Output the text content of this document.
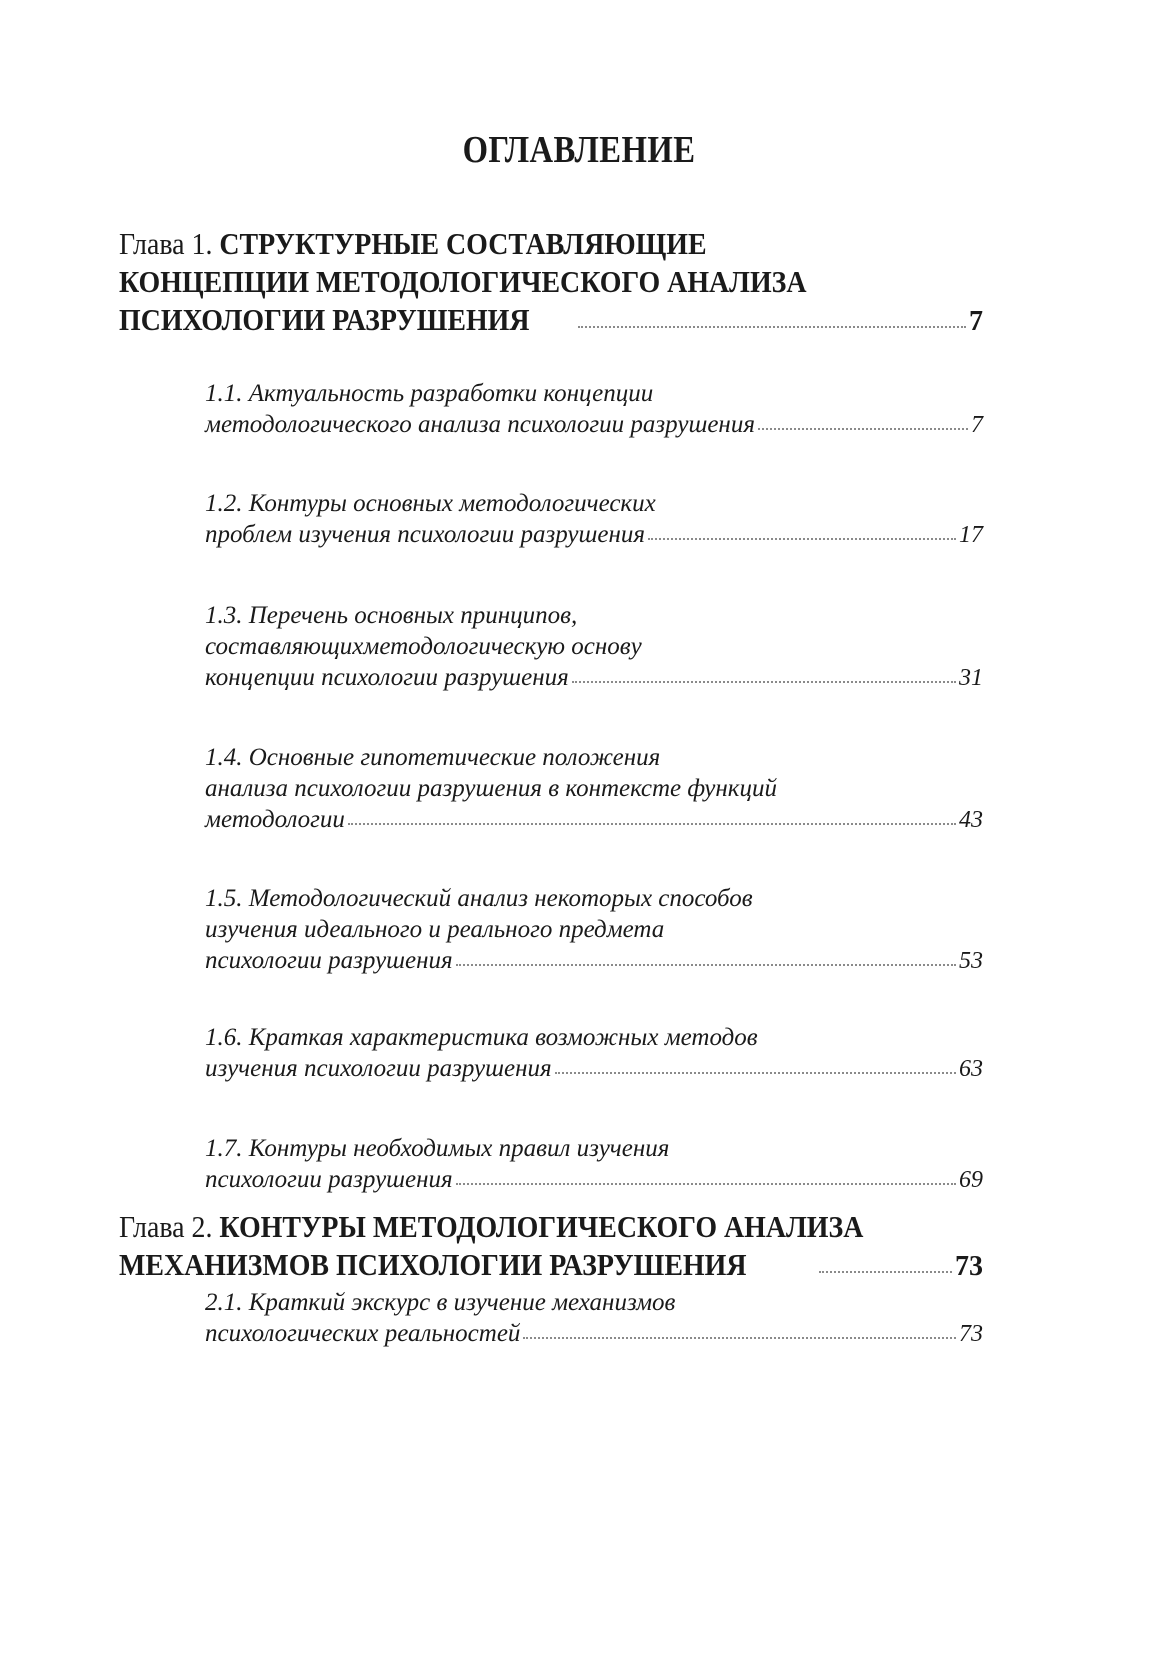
ОГЛАВЛЕНИЕ
Глава 1. СТРУКТУРНЫЕ СОСТАВЛЯЮЩИЕ
КОНЦЕПЦИИ МЕТОДОЛОГИЧЕСКОГО АНАЛИЗА
ПСИХОЛОГИИ РАЗРУШЕНИЯ	7
1.1. Актуальность разработки концепции
методологического анализа психологии разрушения	7
1.2. Контуры основных методологических
проблем изучения психологии разрушения	17
1.3. Перечень основных принципов,
составляющихметодологическую основу
концепции психологии разрушения	31
1.4. Основные гипотетические положения
анализа психологии разрушения в контексте функций
методологии	43
1.5. Методологический анализ некоторых способов
изучения идеального и реального предмета
психологии разрушения	53
1.6. Краткая характеристика возможных методов
изучения психологии разрушения	63
1.7. Контуры необходимых правил изучения
психологии разрушения	69
Глава 2. КОНТУРЫ МЕТОДОЛОГИЧЕСКОГО АНАЛИЗА
МЕХАНИЗМОВ ПСИХОЛОГИИ РАЗРУШЕНИЯ	73
2.1. Краткий экскурс в изучение механизмов
психологических реальностей	73
